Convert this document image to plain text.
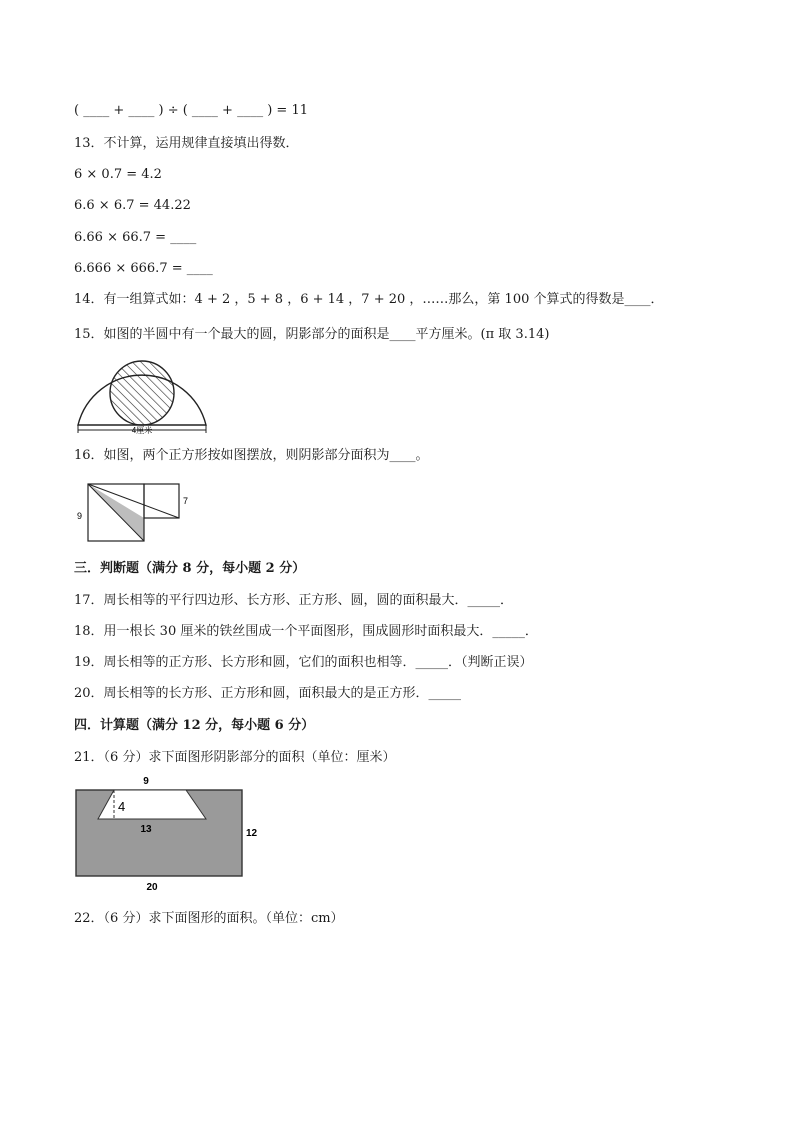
( ____ + ____ ) ÷ ( ____ + ____ ) = 11
13．不计算，运用规律直接填出得数．
6 × 0.7 = 4.2
6.6 × 6.7 = 44.22
6.66 × 66.7 = ____
6.666 × 666.7 = ____
14．有一组算式如：4 + 2 ，5 + 8 ，6 + 14 ，7 + 20 ，……那么，第 100 个算式的得数是____．
15．如图的半圆中有一个最大的圆，阴影部分的面积是____平方厘米。(π 取 3.14)
4厘米
16．如图，两个正方形按如图摆放，则阴影部分面积为____。
9
7
三．判断题（满分 8 分，每小题 2 分）
17．周长相等的平行四边形、长方形、正方形、圆，圆的面积最大．_____．
18．用一根长 30 厘米的铁丝围成一个平面图形，围成圆形时面积最大．_____．
19．周长相等的正方形、长方形和圆，它们的面积也相等．_____．（判断正误）
20．周长相等的长方形、正方形和圆，面积最大的是正方形．_____
四．计算题（满分 12 分，每小题 6 分）
21．（6 分）求下面图形阴影部分的面积（单位：厘米）
9
4
13	12
20
22．（6 分）求下面图形的面积。（单位：cm）
